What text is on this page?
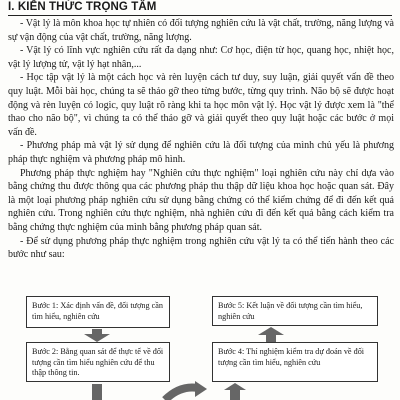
I. KIẾN THỨC TRỌNG TÂM

- Vật lý là môn khoa học tự nhiên có đối tượng nghiên cứu là vật chất, trường, năng lượng và sự vận động của vật chất, trường, năng lượng.

- Vật lý có lĩnh vực nghiên cứu rất đa dạng như: Cơ học, điện từ học, quang học, nhiệt học, vật lý lượng tử, vật lý hạt nhân,...

- Học tập vật lý là một cách học và rèn luyện cách tư duy, suy luận, giải quyết vấn đề theo quy luật. Mỗi bài học, chúng ta sẽ thảo gỡ theo từng bước, từng quy trình. Não bộ sẽ được hoạt động và rèn luyện có logic, quy luật rõ ràng khi ta học môn vật lý. Học vật lý được xem là "thể thao cho não bộ", vì chúng ta có thể thảo gỡ và giải quyết theo quy luật hoặc các bước ở mọi vấn đề.

- Phương pháp mà vật lý sử dụng để nghiên cứu là đối tượng của mình chủ yếu là phương pháp thực nghiệm và phương pháp mô hình.

Phương pháp thực nghiệm hay "Nghiên cứu thực nghiệm" loại nghiên cứu này chỉ dựa vào bằng chứng thu được thông qua các phương pháp thu thập dữ liệu khoa học hoặc quan sát. Đây là một loại phương pháp nghiên cứu sử dụng bằng chứng có thể kiểm chứng để đi đến kết quả nghiên cứu. Trong nghiên cứu thực nghiệm, nhà nghiên cứu đi đến kết quả bằng cách kiểm tra bằng chứng thực nghiệm của mình bằng phương pháp quan sát.

- Để sử dụng phương pháp thực nghiệm trong nghiên cứu vật lý ta có thể tiến hành theo các bước như sau:

Bước 1: Xác định vấn đề, đối tượng cần tìm hiểu, nghiên cứu
Bước 5: Kết luận về đối tượng cần tìm hiểu, nghiên cứu
Bước 2: Bằng quan sát để thực tế về đối tượng cần tìm hiểu nghiên cứu để thu thập thông tin.
Bước 4: Thí nghiệm kiểm tra dự đoán về đối tượng cần tìm hiểu, nghiên cứu
